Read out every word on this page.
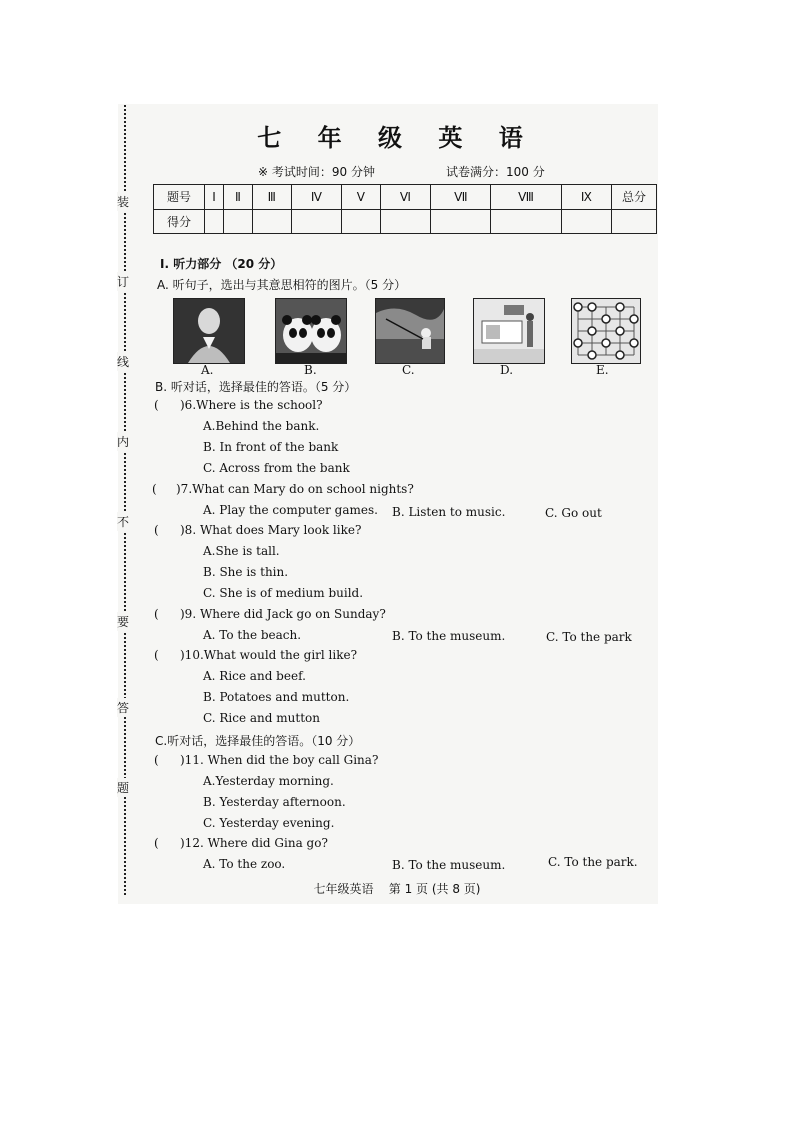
装
订
线
内
不
要
答
题
七 年 级 英 语
※ 考试时间：90 分钟	试卷满分：100 分
题号	Ⅰ	Ⅱ	Ⅲ	Ⅳ	Ⅴ	Ⅵ	Ⅶ	Ⅷ	Ⅸ	总分
得分										
Ⅰ. 听力部分 （20 分）
A. 听句子，选出与其意思相符的图片。（5 分）
A.	B.	C.	D.	E.
B. 听对话，选择最佳的答语。（5 分）
( )6.Where is the school?
A.Behind the bank.
B. In front of the bank
C. Across from the bank
( )7.What can Mary do on school nights?
A. Play the computer games. B. Listen to music.	C. Go out
( )8. What does Mary look like?
A.She is tall.
B. She is thin.
C. She is of medium build.
( )9. Where did Jack go on Sunday?
A. To the beach.	B. To the museum.	C. To the park
( )10.What would the girl like?
A. Rice and beef.
B. Potatoes and mutton.
C. Rice and mutton
C.听对话，选择最佳的答语。（10 分）
( )11. When did the boy call Gina?
A.Yesterday morning.
B. Yesterday afternoon.
C. Yesterday evening.
( )12. Where did Gina go?
A. To the zoo.	B. To the museum.	C. To the park.
七年级英语    第 1 页 (共 8 页)
